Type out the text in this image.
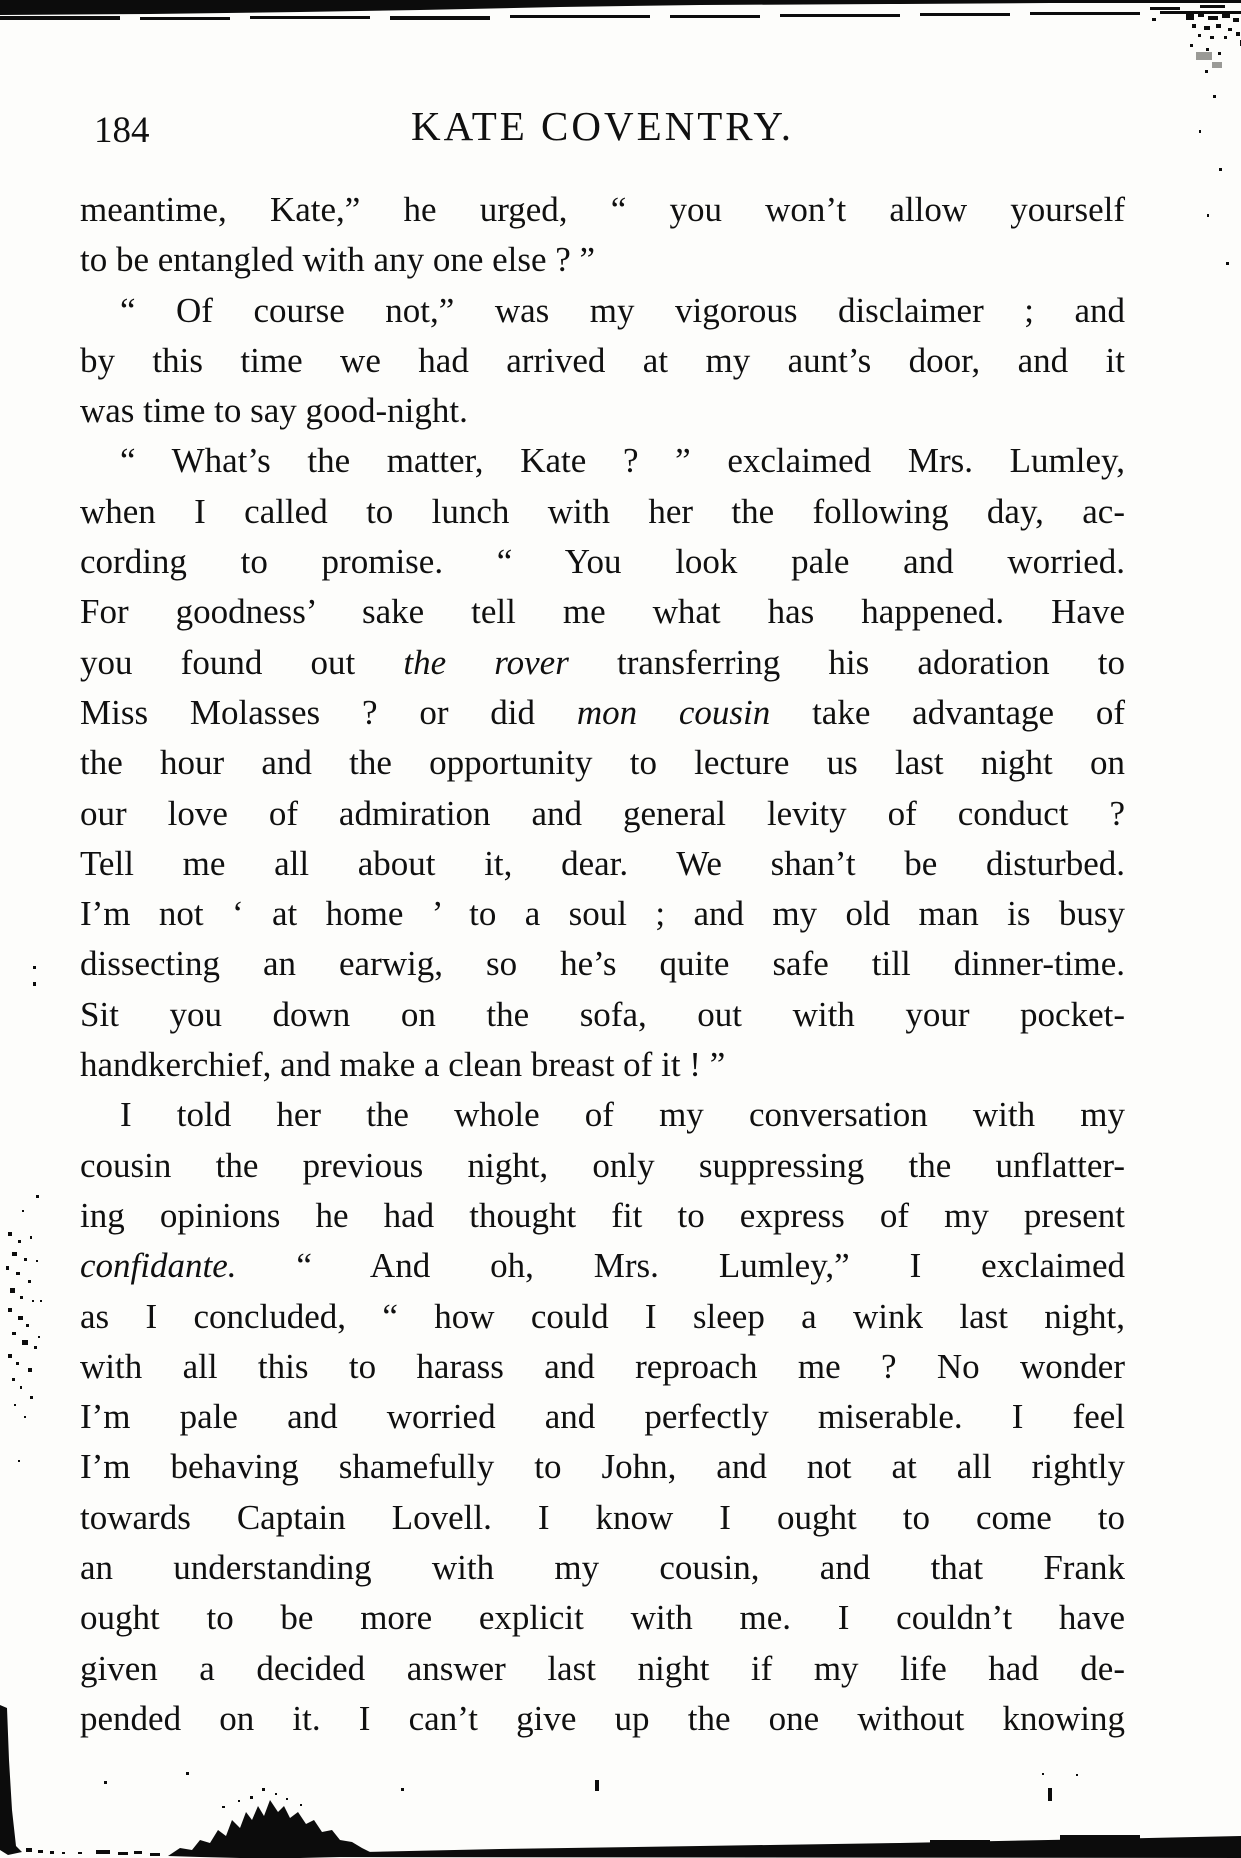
184	KATE COVENTRY.
meantime, Kate,” he urged, “ you won’t allow yourself
to be entangled with any one else ? ”
“ Of course not,” was my vigorous disclaimer ; and
by this time we had arrived at my aunt’s door, and it
was time to say good-night.
“ What’s the matter, Kate ? ” exclaimed Mrs. Lumley,
when I called to lunch with her the following day, ac-
cording to promise. “ You look pale and worried.
For goodness’ sake tell me what has happened. Have
you found out the rover transferring his adoration to
Miss Molasses ? or did mon cousin take advantage of
the hour and the opportunity to lecture us last night on
our love of admiration and general levity of conduct ?
Tell me all about it, dear. We shan’t be disturbed.
I’m not ‘ at home ’ to a soul ; and my old man is busy
dissecting an earwig, so he’s quite safe till dinner-time.
Sit you down on the sofa, out with your pocket-
handkerchief, and make a clean breast of it ! ”
I told her the whole of my conversation with my
cousin the previous night, only suppressing the unflatter-
ing opinions he had thought fit to express of my present
confidante. “ And oh, Mrs. Lumley,” I exclaimed
as I concluded, “ how could I sleep a wink last night,
with all this to harass and reproach me ? No wonder
I’m pale and worried and perfectly miserable. I feel
I’m behaving shamefully to John, and not at all rightly
towards Captain Lovell. I know I ought to come to
an understanding with my cousin, and that Frank
ought to be more explicit with me. I couldn’t have
given a decided answer last night if my life had de-
pended on it. I can’t give up the one without knowing
